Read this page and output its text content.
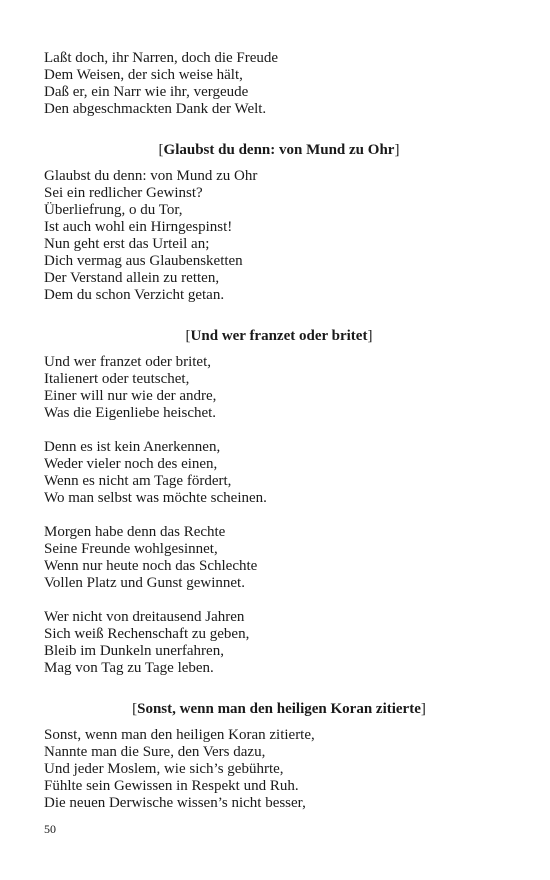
Laßt doch, ihr Narren, doch die Freude
Dem Weisen, der sich weise hält,
Daß er, ein Narr wie ihr, vergeude
Den abgeschmackten Dank der Welt.
[Glaubst du denn: von Mund zu Ohr]
Glaubst du denn: von Mund zu Ohr
Sei ein redlicher Gewinst?
Überliefrung, o du Tor,
Ist auch wohl ein Hirngespinst!
Nun geht erst das Urteil an;
Dich vermag aus Glaubensketten
Der Verstand allein zu retten,
Dem du schon Verzicht getan.
[Und wer franzet oder britet]
Und wer franzet oder britet,
Italienert oder teutschet,
Einer will nur wie der andre,
Was die Eigenliebe heischet.
Denn es ist kein Anerkennen,
Weder vieler noch des einen,
Wenn es nicht am Tage fördert,
Wo man selbst was möchte scheinen.
Morgen habe denn das Rechte
Seine Freunde wohlgesinnet,
Wenn nur heute noch das Schlechte
Vollen Platz und Gunst gewinnet.
Wer nicht von dreitausend Jahren
Sich weiß Rechenschaft zu geben,
Bleib im Dunkeln unerfahren,
Mag von Tag zu Tage leben.
[Sonst, wenn man den heiligen Koran zitierte]
Sonst, wenn man den heiligen Koran zitierte,
Nannte man die Sure, den Vers dazu,
Und jeder Moslem, wie sich’s gebührte,
Fühlte sein Gewissen in Respekt und Ruh.
Die neuen Derwische wissen’s nicht besser,
50
